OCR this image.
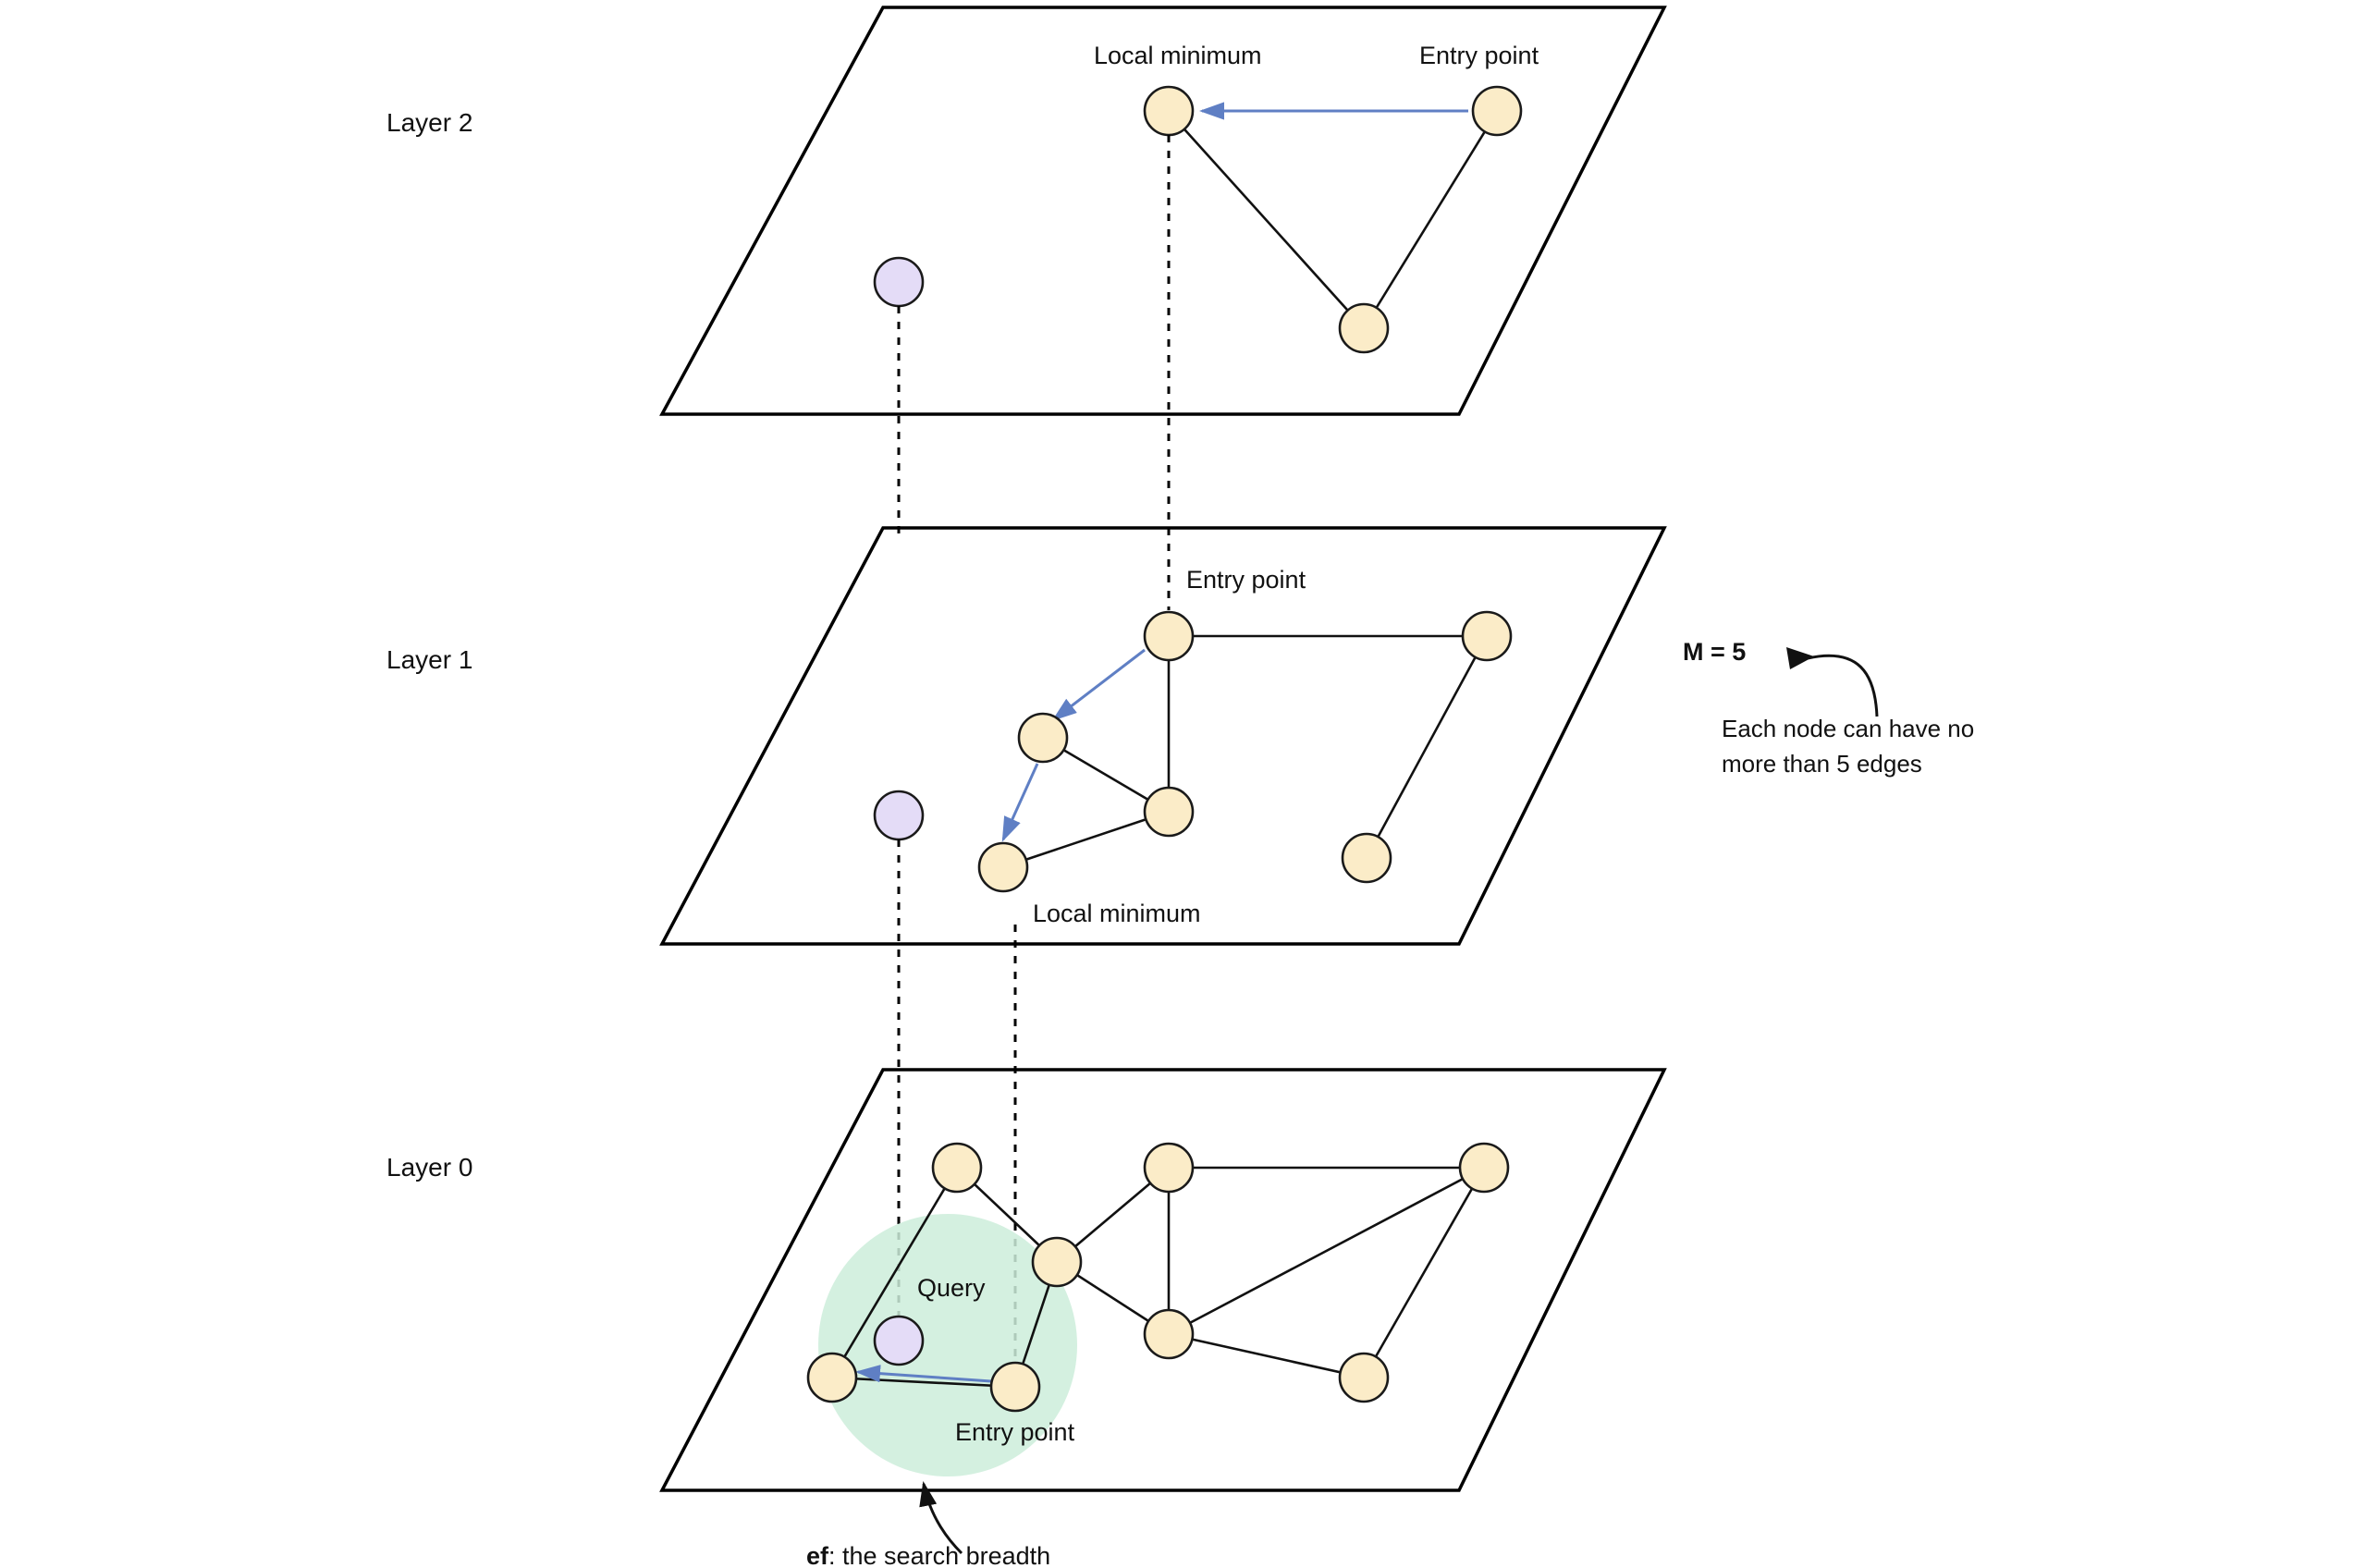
Layer 2
Layer 1
Layer 0
Local minimum	Entry point
Entry point
Local minimum
Query
Entry point
M = 5
Each node can have no more than 5 edges
ef: the search breadth
